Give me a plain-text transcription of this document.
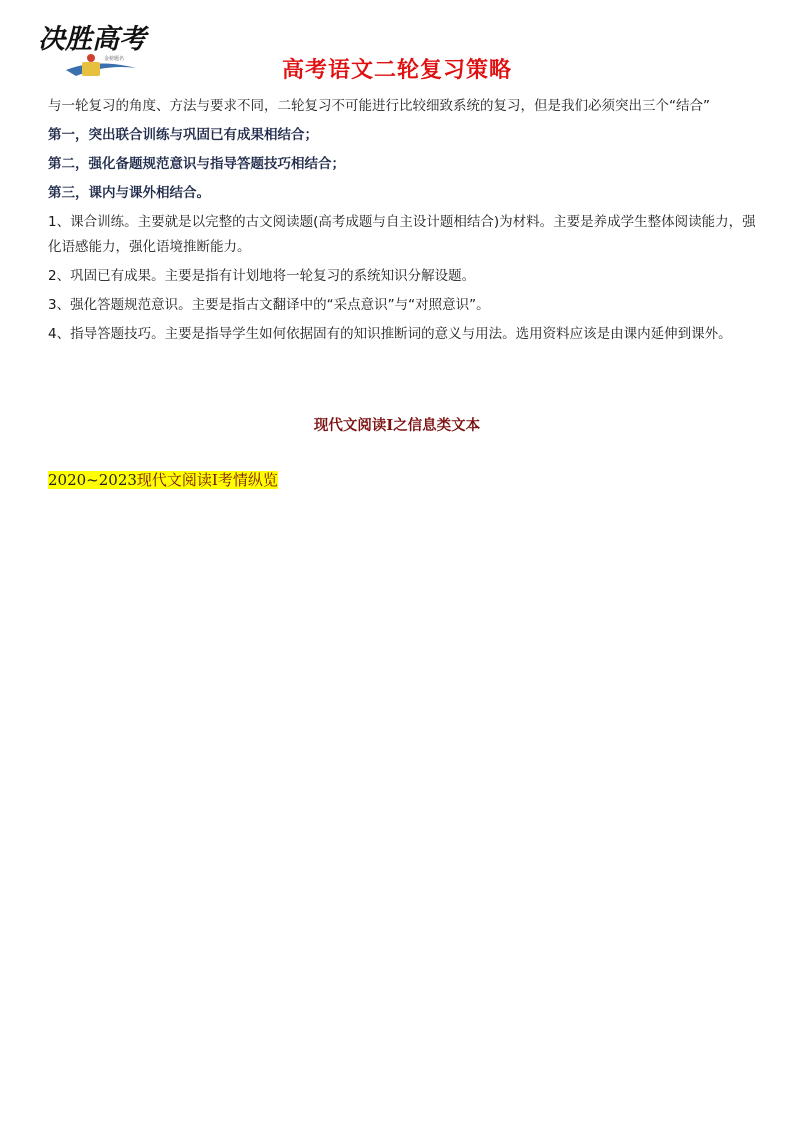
决胜高考
金榜题名	高考语文二轮复习策略

与一轮复习的角度、方法与要求不同，二轮复习不可能进行比较细致系统的复习，但是我们必须突出三个“结合”

第一，突出联合训练与巩固已有成果相结合；

第二，强化备题规范意识与指导答题技巧相结合；

第三，课内与课外相结合。

1、课合训练。主要就是以完整的古文阅读题(高考成题与自主设计题相结合)为材料。主要是养成学生整体阅读能力，强化语感能力，强化语境推断能力。

2、巩固已有成果。主要是指有计划地将一轮复习的系统知识分解设题。

3、强化答题规范意识。主要是指古文翻译中的“采点意识”与“对照意识”。

4、指导答题技巧。主要是指导学生如何依据固有的知识推断词的意义与用法。选用资料应该是由课内延伸到课外。

现代文阅读Ⅰ之信息类文本

2020~2023现代文阅读Ⅰ考情纵览
